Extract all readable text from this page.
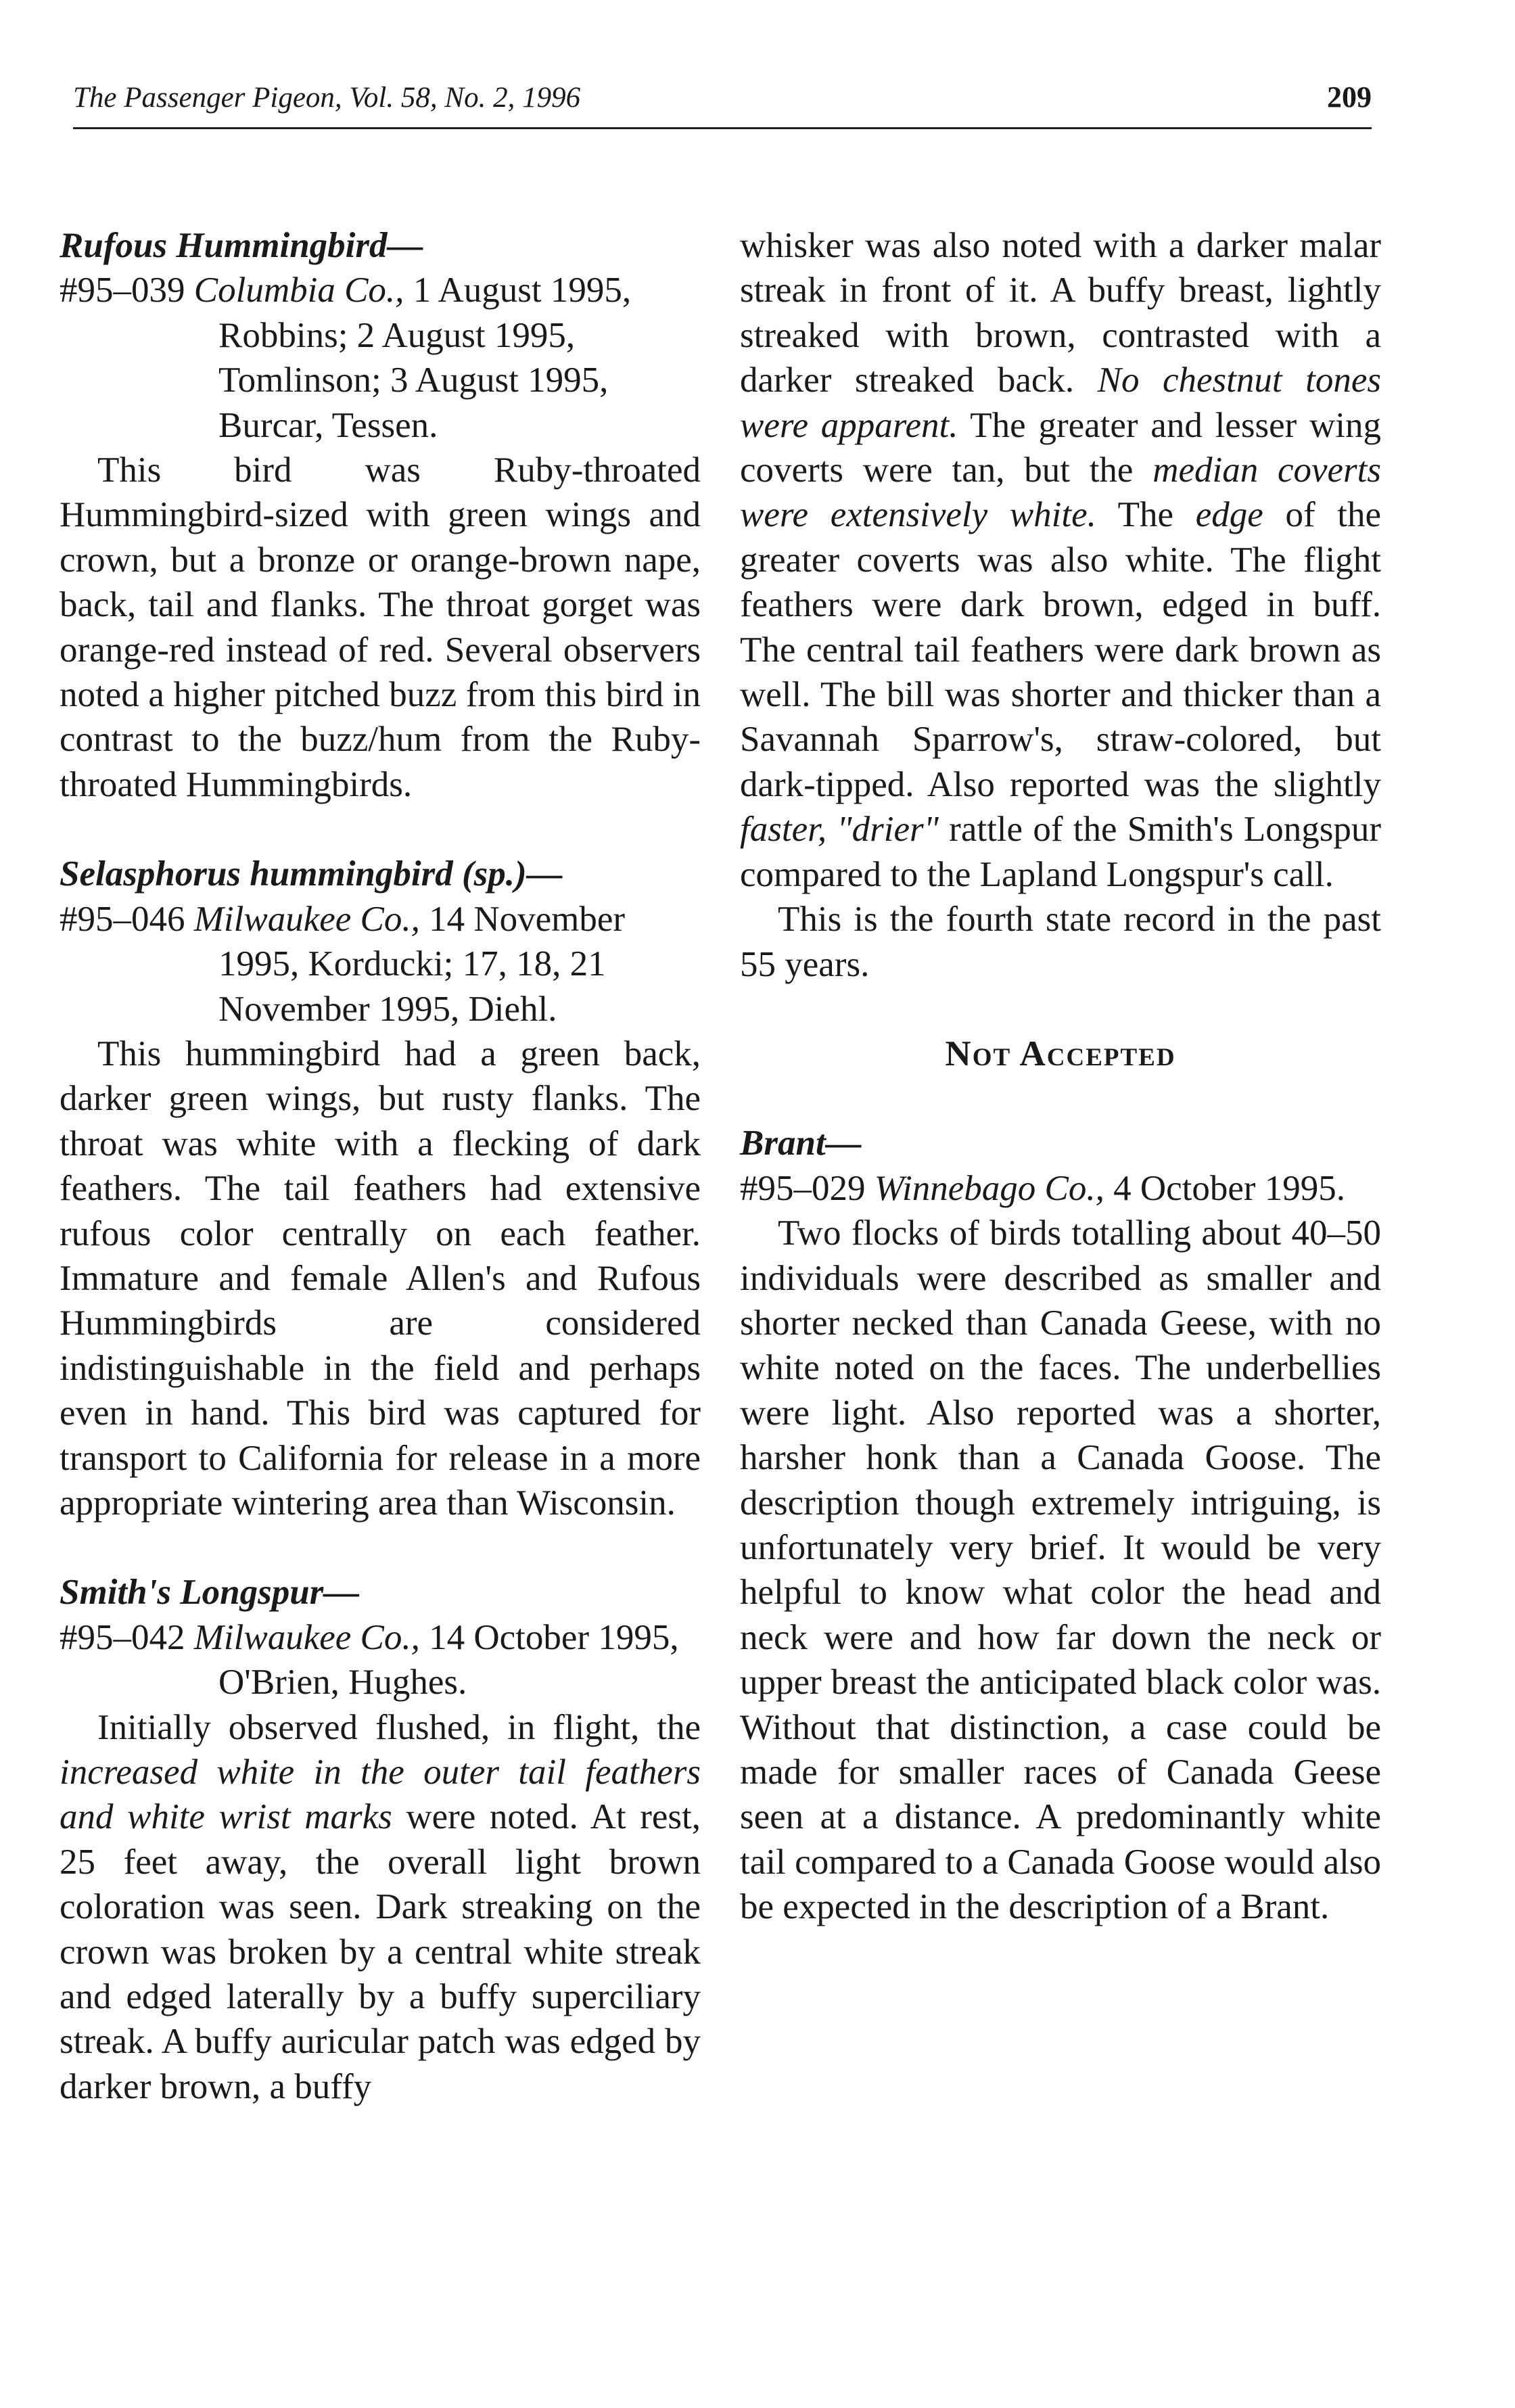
The Passenger Pigeon, Vol. 58, No. 2, 1996	209

Rufous Hummingbird—

#95–039 Columbia Co., 1 August 1995, Robbins; 2 August 1995, Tomlinson; 3 August 1995, Burcar, Tessen.

This bird was Ruby-throated Hummingbird-sized with green wings and crown, but a bronze or orange-brown nape, back, tail and flanks. The throat gorget was orange-red instead of red. Several observers noted a higher pitched buzz from this bird in contrast to the buzz/hum from the Ruby-throated Hummingbirds.

Selasphorus hummingbird (sp.)—

#95–046 Milwaukee Co., 14 November 1995, Korducki; 17, 18, 21 November 1995, Diehl.

This hummingbird had a green back, darker green wings, but rusty flanks. The throat was white with a flecking of dark feathers. The tail feathers had extensive rufous color centrally on each feather. Immature and female Allen's and Rufous Hummingbirds are considered indistinguishable in the field and perhaps even in hand. This bird was captured for transport to California for release in a more appropriate wintering area than Wisconsin.

Smith's Longspur—

#95–042 Milwaukee Co., 14 October 1995, O'Brien, Hughes.

Initially observed flushed, in flight, the increased white in the outer tail feathers and white wrist marks were noted. At rest, 25 feet away, the overall light brown coloration was seen. Dark streaking on the crown was broken by a central white streak and edged laterally by a buffy superciliary streak. A buffy auricular patch was edged by darker brown, a buffy

whisker was also noted with a darker malar streak in front of it. A buffy breast, lightly streaked with brown, contrasted with a darker streaked back. No chestnut tones were apparent. The greater and lesser wing coverts were tan, but the median coverts were extensively white. The edge of the greater coverts was also white. The flight feathers were dark brown, edged in buff. The central tail feathers were dark brown as well. The bill was shorter and thicker than a Savannah Sparrow's, straw-colored, but dark-tipped. Also reported was the slightly faster, "drier" rattle of the Smith's Longspur compared to the Lapland Longspur's call.

This is the fourth state record in the past 55 years.

Not Accepted

Brant—

#95–029 Winnebago Co., 4 October 1995.

Two flocks of birds totalling about 40–50 individuals were described as smaller and shorter necked than Canada Geese, with no white noted on the faces. The underbellies were light. Also reported was a shorter, harsher honk than a Canada Goose. The description though extremely intriguing, is unfortunately very brief. It would be very helpful to know what color the head and neck were and how far down the neck or upper breast the anticipated black color was. Without that distinction, a case could be made for smaller races of Canada Geese seen at a distance. A predominantly white tail compared to a Canada Goose would also be expected in the description of a Brant.
